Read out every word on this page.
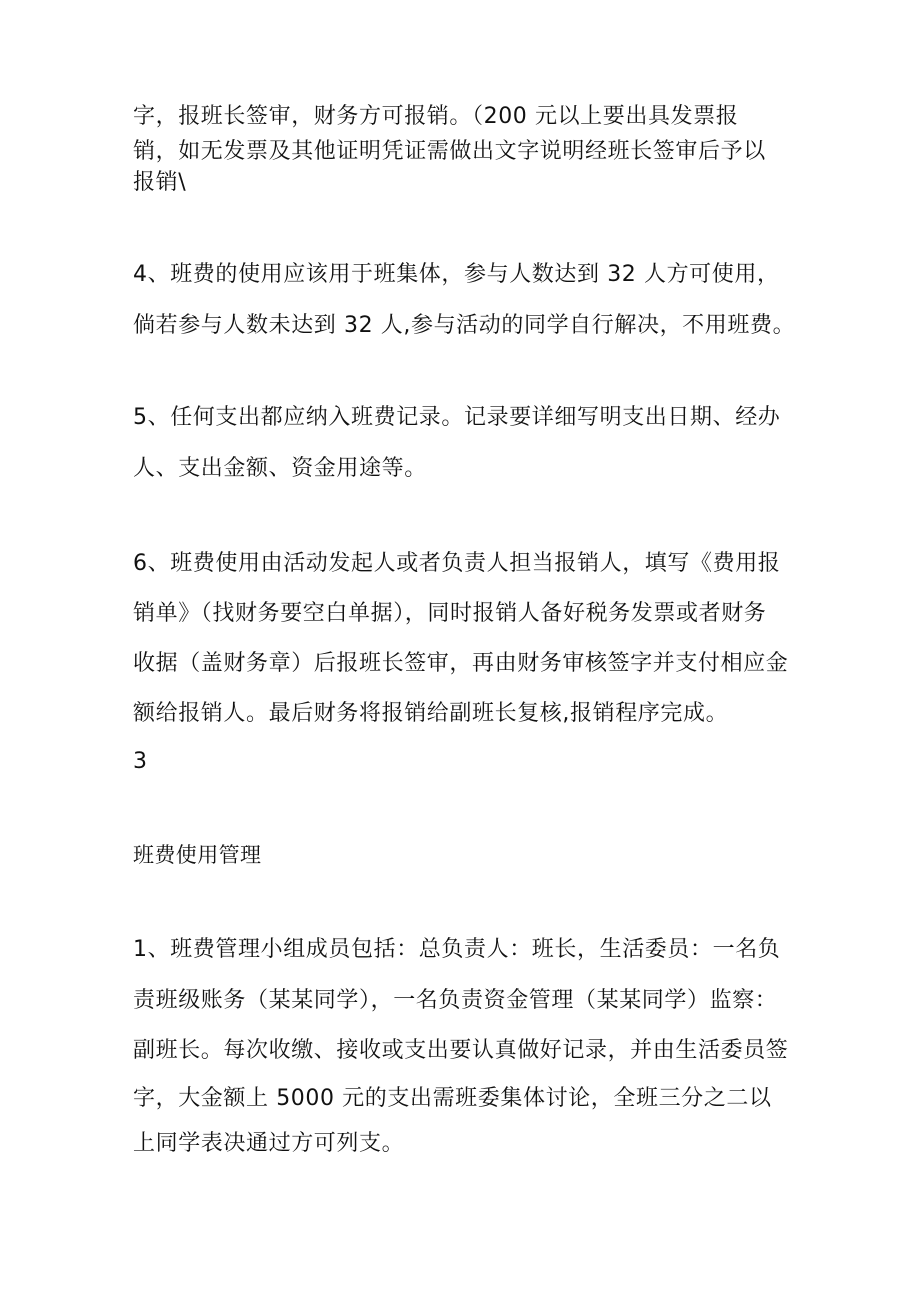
字，报班长签审，财务方可报销。（200 元以上要出具发票报
销，如无发票及其他证明凭证需做出文字说明经班长签审后予以
报销\
4、班费的使用应该用于班集体，参与人数达到 32 人方可使用，
倘若参与人数未达到 32 人,参与活动的同学自行解决，不用班费。
5、任何支出都应纳入班费记录。记录要详细写明支出日期、经办
人、支出金额、资金用途等。
6、班费使用由活动发起人或者负责人担当报销人，填写《费用报
销单》（找财务要空白单据），同时报销人备好税务发票或者财务
收据（盖财务章）后报班长签审，再由财务审核签字并支付相应金
额给报销人。最后财务将报销给副班长复核,报销程序完成。
3
班费使用管理
1、班费管理小组成员包括：总负责人：班长，生活委员：一名负
责班级账务（某某同学），一名负责资金管理（某某同学）监察：
副班长。每次收缴、接收或支出要认真做好记录，并由生活委员签
字，大金额上 5000 元的支出需班委集体讨论，全班三分之二以
上同学表决通过方可列支。
